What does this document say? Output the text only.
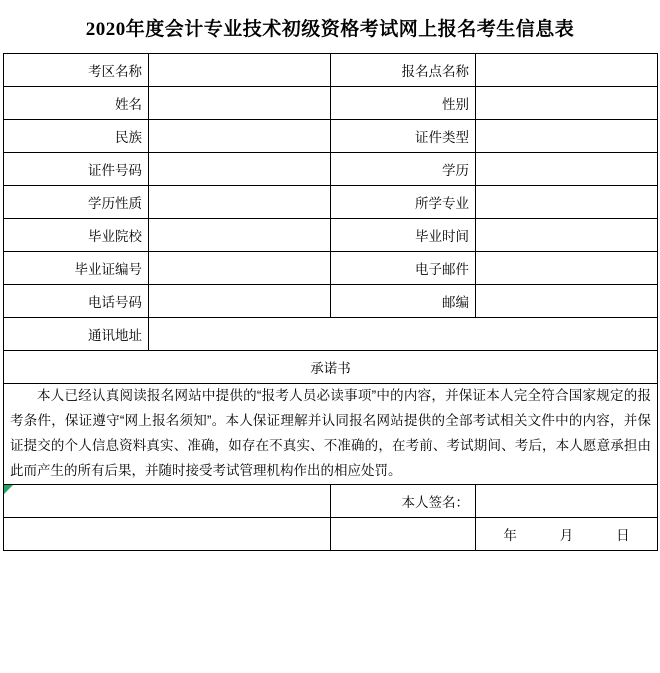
2020年度会计专业技术初级资格考试网上报名考生信息表
考区名称		报名点名称	
姓名		性别	
民族		证件类型	
证件号码		学历	
学历性质		所学专业	
毕业院校		毕业时间	
毕业证编号		电子邮件	
电话号码		邮编	
通讯地址			
承诺书			

本人已经认真阅读报名网站中提供的“报考人员必读事项”中的内容，并保证本人完全符合国家规定的报考条件，保证遵守“网上报名须知”。本人保证理解并认同报名网站提供的全部考试相关文件中的内容，并保证提交的个人信息资料真实、准确，如存在不真实、不准确的，在考前、考试期间、考后，本人愿意承担由此而产生的所有后果，并随时接受考试管理机构作出的相应处罚。			

		本人签名：	

			年 月 日
